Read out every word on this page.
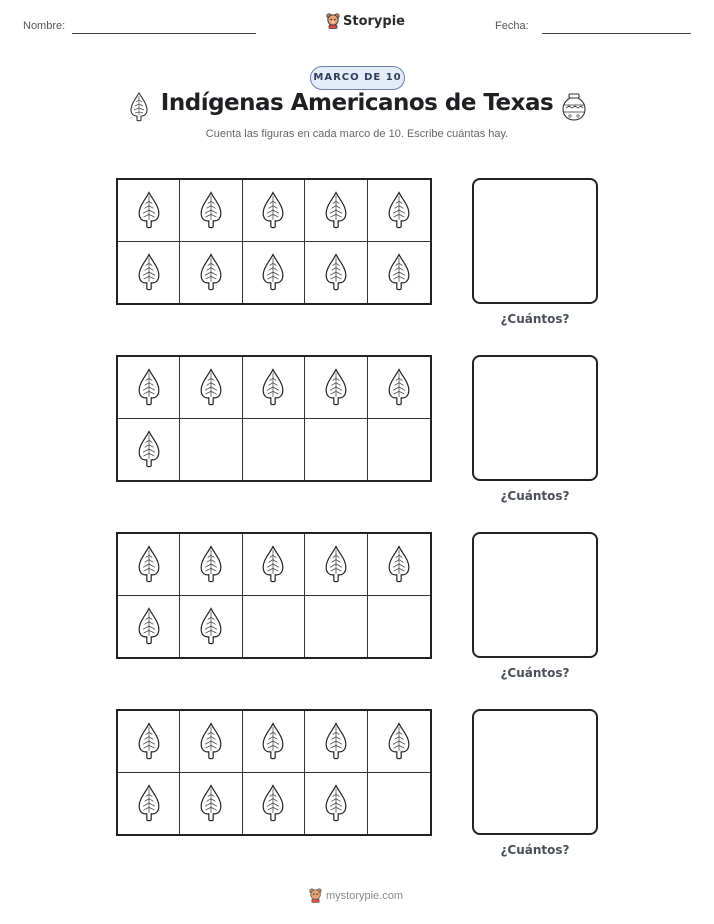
Nombre:	Storypie	Fecha:
MARCO DE 10
Indígenas Americanos de Texas
Cuenta las figuras en cada marco de 10. Escribe cuántas hay.
¿Cuántos?
¿Cuántos?
¿Cuántos?
¿Cuántos?
mystorypie.com
